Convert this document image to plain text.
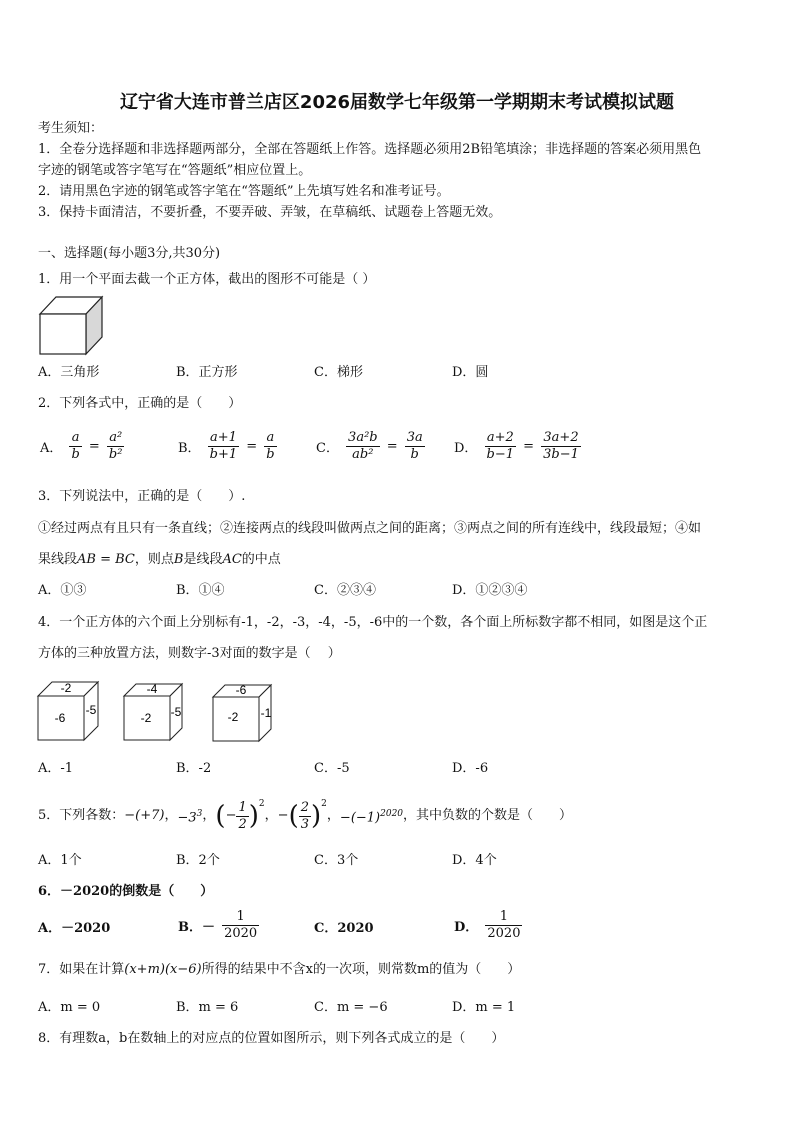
辽宁省大连市普兰店区2026届数学七年级第一学期期末考试模拟试题
考生须知：
1．全卷分选择题和非选择题两部分，全部在答题纸上作答。选择题必须用2B铅笔填涂；非选择题的答案必须用黑色
字迹的钢笔或答字笔写在“答题纸”相应位置上。
2．请用黑色字迹的钢笔或答字笔在“答题纸”上先填写姓名和准考证号。
3．保持卡面清洁，不要折叠，不要弄破、弄皱，在草稿纸、试题卷上答题无效。
一、选择题(每小题3分,共30分)
1．用一个平面去截一个正方体，截出的图形不可能是（ ）
A．三角形	B．正方形	C．梯形	D．圆
2．下列各式中，正确的是（　　）
A． $\frac{a}{b} = \frac{\text{a²}}{\text{b²}}$	B． $\frac{a+1}{b+1} = \frac{a}{b}$	C． $\frac{\text{3a²b}}{\text{ab²}} = \frac{3a}{b}$ D． $\frac{a+2}{b-1} = \frac{3a+2}{3b-1}$
3．下列说法中，正确的是（　　）.
①经过两点有且只有一条直线；②连接两点的线段叫做两点之间的距离；③两点之间的所有连线中，线段最短；④如
果线段AB = BC，则点B是线段AC的中点
A．①③	B．①④	C．②③④	D．①②③④
4．一个正方体的六个面上分别标有-1，-2，-3，-4，-5，-6中的一个数，各个面上所标数字都不相同，如图是这个正
方体的三种放置方法，则数字-3对面的数字是（　 ）
-2
-6
-5
-4
-2 -5
-6
-2 -1
A．-1	B．-2	C．-5	D．-6
5．下列各数： −(+7) ， $-3^3$ ， ( − $\frac{1}{2} )^2$
， − ( $\frac{2}{3} )^2$
， $-(-1)^{2020}$ ，其中负数的个数是（　　）
A．1个	B．2个	C．3个	D．4个
6．－2020的倒数是（　　）
A．－2020	B．－ $\frac{1}{2020}$	C．2020	D． $\frac{1}{2020}$
7．如果在计算(x+m)(x−6)所得的结果中不含x的一次项，则常数m的值为（　　）
A．m = 0	B．m = 6	C．m = −6	D．m = 1
8．有理数a，b在数轴上的对应点的位置如图所示，则下列各式成立的是（　　）
